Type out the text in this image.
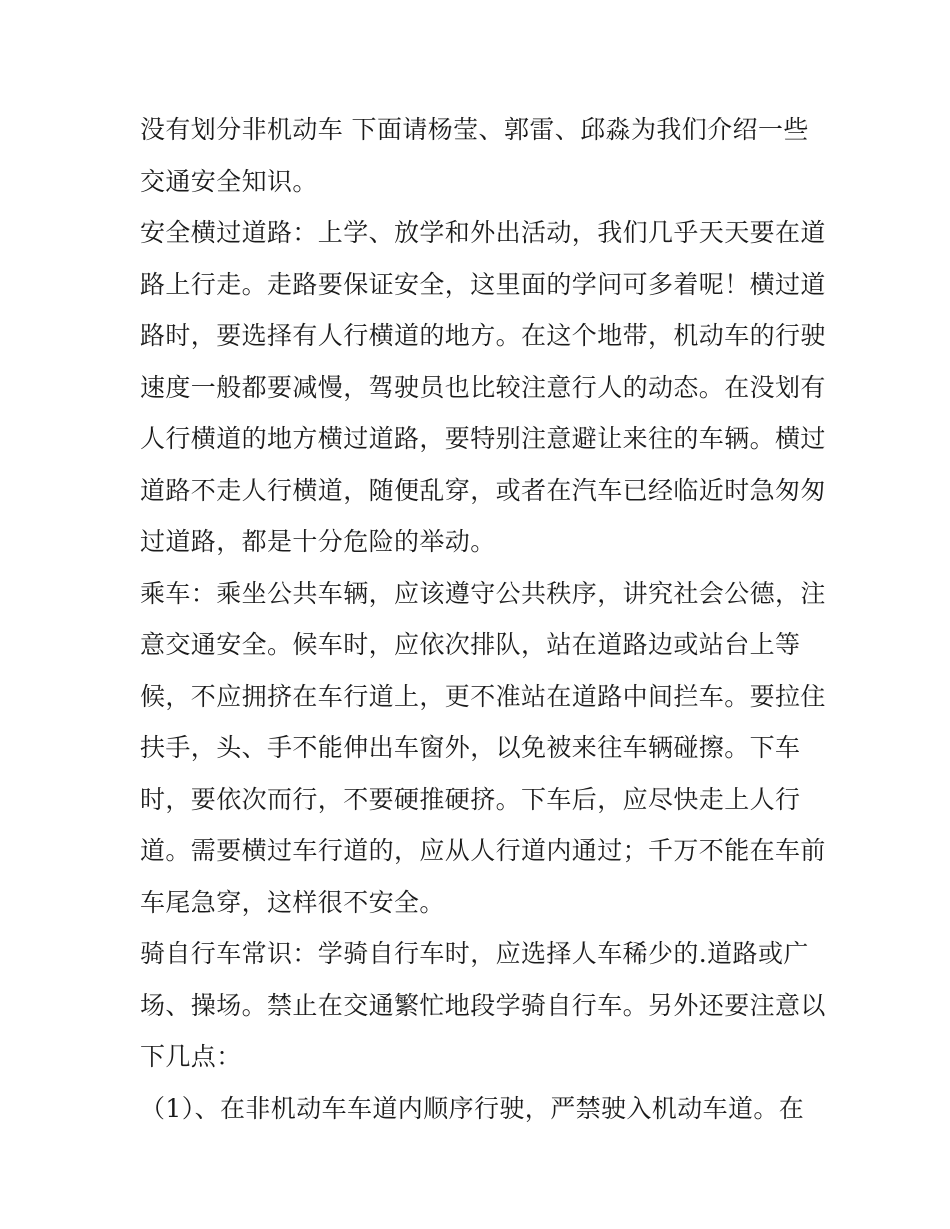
没有划分非机动车 下面请杨莹、郭雷、邱淼为我们介绍一些
交通安全知识。
安全横过道路：上学、放学和外出活动，我们几乎天天要在道
路上行走。走路要保证安全，这里面的学问可多着呢！横过道
路时，要选择有人行横道的地方。在这个地带，机动车的行驶
速度一般都要减慢，驾驶员也比较注意行人的动态。在没划有
人行横道的地方横过道路，要特别注意避让来往的车辆。横过
道路不走人行横道，随便乱穿，或者在汽车已经临近时急匆匆
过道路，都是十分危险的举动。
乘车：乘坐公共车辆，应该遵守公共秩序，讲究社会公德，注
意交通安全。候车时，应依次排队，站在道路边或站台上等
候，不应拥挤在车行道上，更不准站在道路中间拦车。要拉住
扶手，头、手不能伸出车窗外，以免被来往车辆碰擦。下车
时，要依次而行，不要硬推硬挤。下车后，应尽快走上人行
道。需要横过车行道的，应从人行道内通过；千万不能在车前
车尾急穿，这样很不安全。
骑自行车常识：学骑自行车时，应选择人车稀少的.道路或广
场、操场。禁止在交通繁忙地段学骑自行车。另外还要注意以
下几点：
（1）、在非机动车车道内顺序行驶，严禁驶入机动车道。在
